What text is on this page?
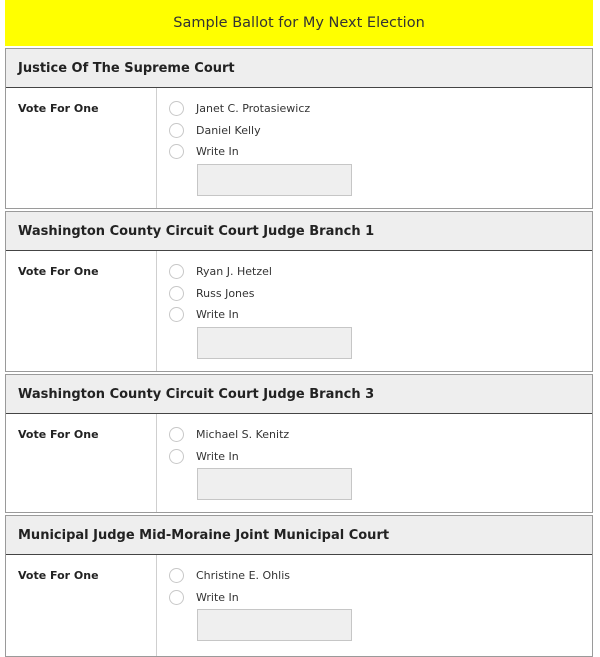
Sample Ballot for My Next Election
Justice Of The Supreme Court
Vote For One	Janet C. Protasiewicz
Daniel Kelly
Write In
Washington County Circuit Court Judge Branch 1
Vote For One	Ryan J. Hetzel
Russ Jones
Write In
Washington County Circuit Court Judge Branch 3
Vote For One	Michael S. Kenitz
Write In
Municipal Judge Mid-Moraine Joint Municipal Court
Vote For One	Christine E. Ohlis
Write In
